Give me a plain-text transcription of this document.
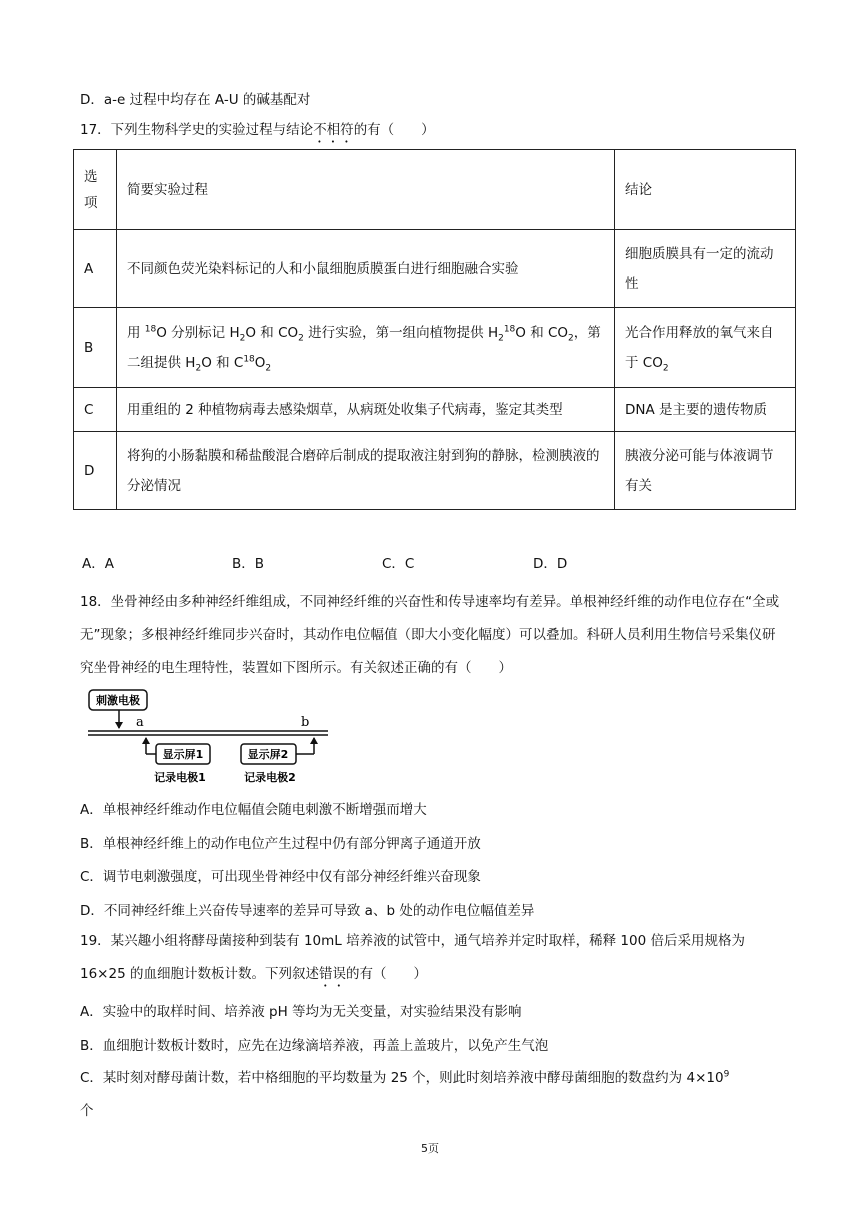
D．a-e 过程中均存在 A-U 的碱基配对
17．下列生物科学史的实验过程与结论不相符的有（　　）
选项	简要实验过程	结论
A	不同颜色荧光染料标记的人和小鼠细胞质膜蛋白进行细胞融合实验	细胞质膜具有一定的流动性
B	用 $^{18}$O 分别标记 $H_2O$ 和 $CO_2$ 进行实验，第一组向植物提供 $H_2^{18}O$ 和 $CO_2$，第二组提供 $H_2O$ 和 $C^{18}O_2$	光合作用释放的氧气来自于 $CO_2$
C	用重组的 2 种植物病毒去感染烟草，从病斑处收集子代病毒，鉴定其类型	DNA 是主要的遗传物质
D	将狗的小肠黏膜和稀盐酸混合磨碎后制成的提取液注射到狗的静脉，检测胰液的分泌情况	胰液分泌可能与体液调节有关
A．A	B．B	C．C	D．D
18．坐骨神经由多种神经纤维组成，不同神经纤维的兴奋性和传导速率均有差异。单根神经纤维的动作电位存在“全或无”现象；多根神经纤维同步兴奋时，其动作电位幅值（即大小变化幅度）可以叠加。科研人员利用生物信号采集仪研究坐骨神经的电生理特性，装置如下图所示。有关叙述正确的有（　　）
刺激电极
a	b
显示屏1
记录电极1
显示屏2
记录电极2
A．单根神经纤维动作电位幅值会随电刺激不断增强而增大
B．单根神经纤维上的动作电位产生过程中仍有部分钾离子通道开放
C．调节电刺激强度，可出现坐骨神经中仅有部分神经纤维兴奋现象
D．不同神经纤维上兴奋传导速率的差异可导致 a、b 处的动作电位幅值差异
19．某兴趣小组将酵母菌接种到装有 10mL 培养液的试管中，通气培养并定时取样，稀释 100 倍后采用规格为 16×25 的血细胞计数板计数。下列叙述错误的有（　　）
A．实验中的取样时间、培养液 pH 等均为无关变量，对实验结果没有影响
B．血细胞计数板计数时，应先在边缘滴培养液，再盖上盖玻片，以免产生气泡
C．某时刻对酵母菌计数，若中格细胞的平均数量为 25 个，则此时刻培养液中酵母菌细胞的数盘约为 $4\times 10^9$
个
5页
